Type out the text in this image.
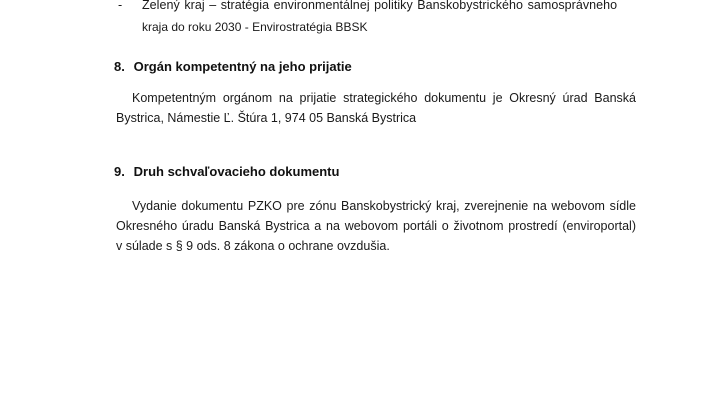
-	Zelený kraj – stratégia environmentálnej politiky Banskobystrického samosprávneho
kraja do roku 2030 - Envirostratégia BBSK
8. Orgán kompetentný na jeho prijatie
Kompetentným orgánom na prijatie strategického dokumentu je Okresný úrad Banská
Bystrica, Námestie Ľ. Štúra 1, 974 05 Banská Bystrica
9. Druh schvaľovacieho dokumentu
Vydanie dokumentu PZKO pre zónu Banskobystrický kraj, zverejnenie na webovom sídle
Okresného úradu Banská Bystrica a na webovom portáli o životnom prostredí (enviroportal)
v súlade s § 9 ods. 8 zákona o ochrane ovzdušia.
